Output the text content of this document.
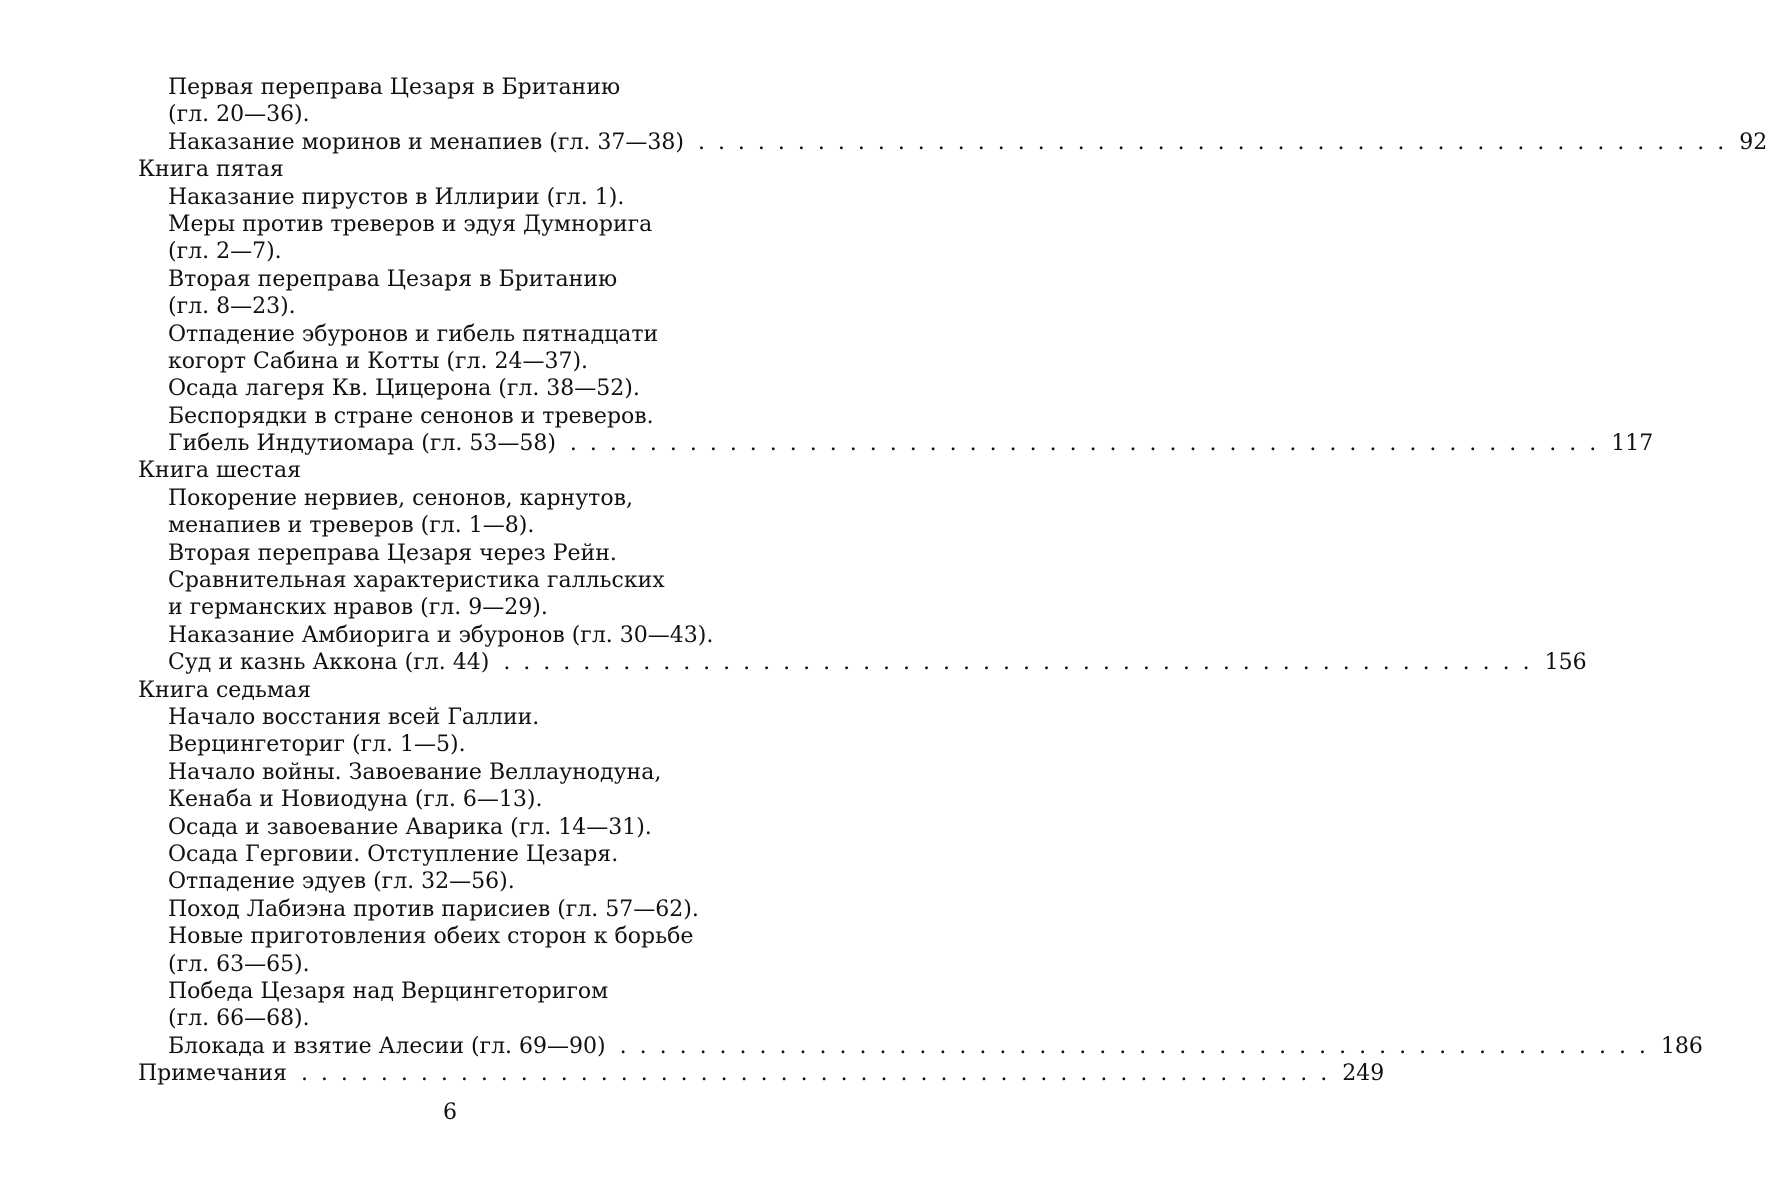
Первая переправа Цезаря в Британию
(гл. 20—36).
Наказание моринов и менапиев (гл. 37—38) . . . . . . . . . . . . . . . . . . . . . . . . . . . . . . . . . . . . . . . . . . . . . . . . . . . . 92
Книга пятая
Наказание пирустов в Иллирии (гл. 1).
Меры против треверов и эдуя Думнорига
(гл. 2—7).
Вторая переправа Цезаря в Британию
(гл. 8—23).
Отпадение эбуронов и гибель пятнадцати
когорт Сабина и Котты (гл. 24—37).
Осада лагеря Кв. Цицерона (гл. 38—52).
Беспорядки в стране сенонов и треверов.
Гибель Индутиомара (гл. 53—58) . . . . . . . . . . . . . . . . . . . . . . . . . . . . . . . . . . . . . . . . . . . . . . . . . . . . 117
Книга шестая
Покорение нервиев, сенонов, карнутов,
менапиев и треверов (гл. 1—8).
Вторая переправа Цезаря через Рейн.
Сравнительная характеристика галльских
и германских нравов (гл. 9—29).
Наказание Амбиорига и эбуронов (гл. 30—43).
Суд и казнь Аккона (гл. 44) . . . . . . . . . . . . . . . . . . . . . . . . . . . . . . . . . . . . . . . . . . . . . . . . . . . . 156
Книга седьмая
Начало восстания всей Галлии.
Верцингеториг (гл. 1—5).
Начало войны. Завоевание Веллаунодуна,
Кенаба и Новиодуна (гл. 6—13).
Осада и завоевание Аварика (гл. 14—31).
Осада Герговии. Отступление Цезаря.
Отпадение эдуев (гл. 32—56).
Поход Лабиэна против парисиев (гл. 57—62).
Новые приготовления обеих сторон к борьбе
(гл. 63—65).
Победа Цезаря над Верцингеторигом
(гл. 66—68).
Блокада и взятие Алесии (гл. 69—90) . . . . . . . . . . . . . . . . . . . . . . . . . . . . . . . . . . . . . . . . . . . . . . . . . . . . 186
Примечания . . . . . . . . . . . . . . . . . . . . . . . . . . . . . . . . . . . . . . . . . . . . . . . . . . . . 249
6
